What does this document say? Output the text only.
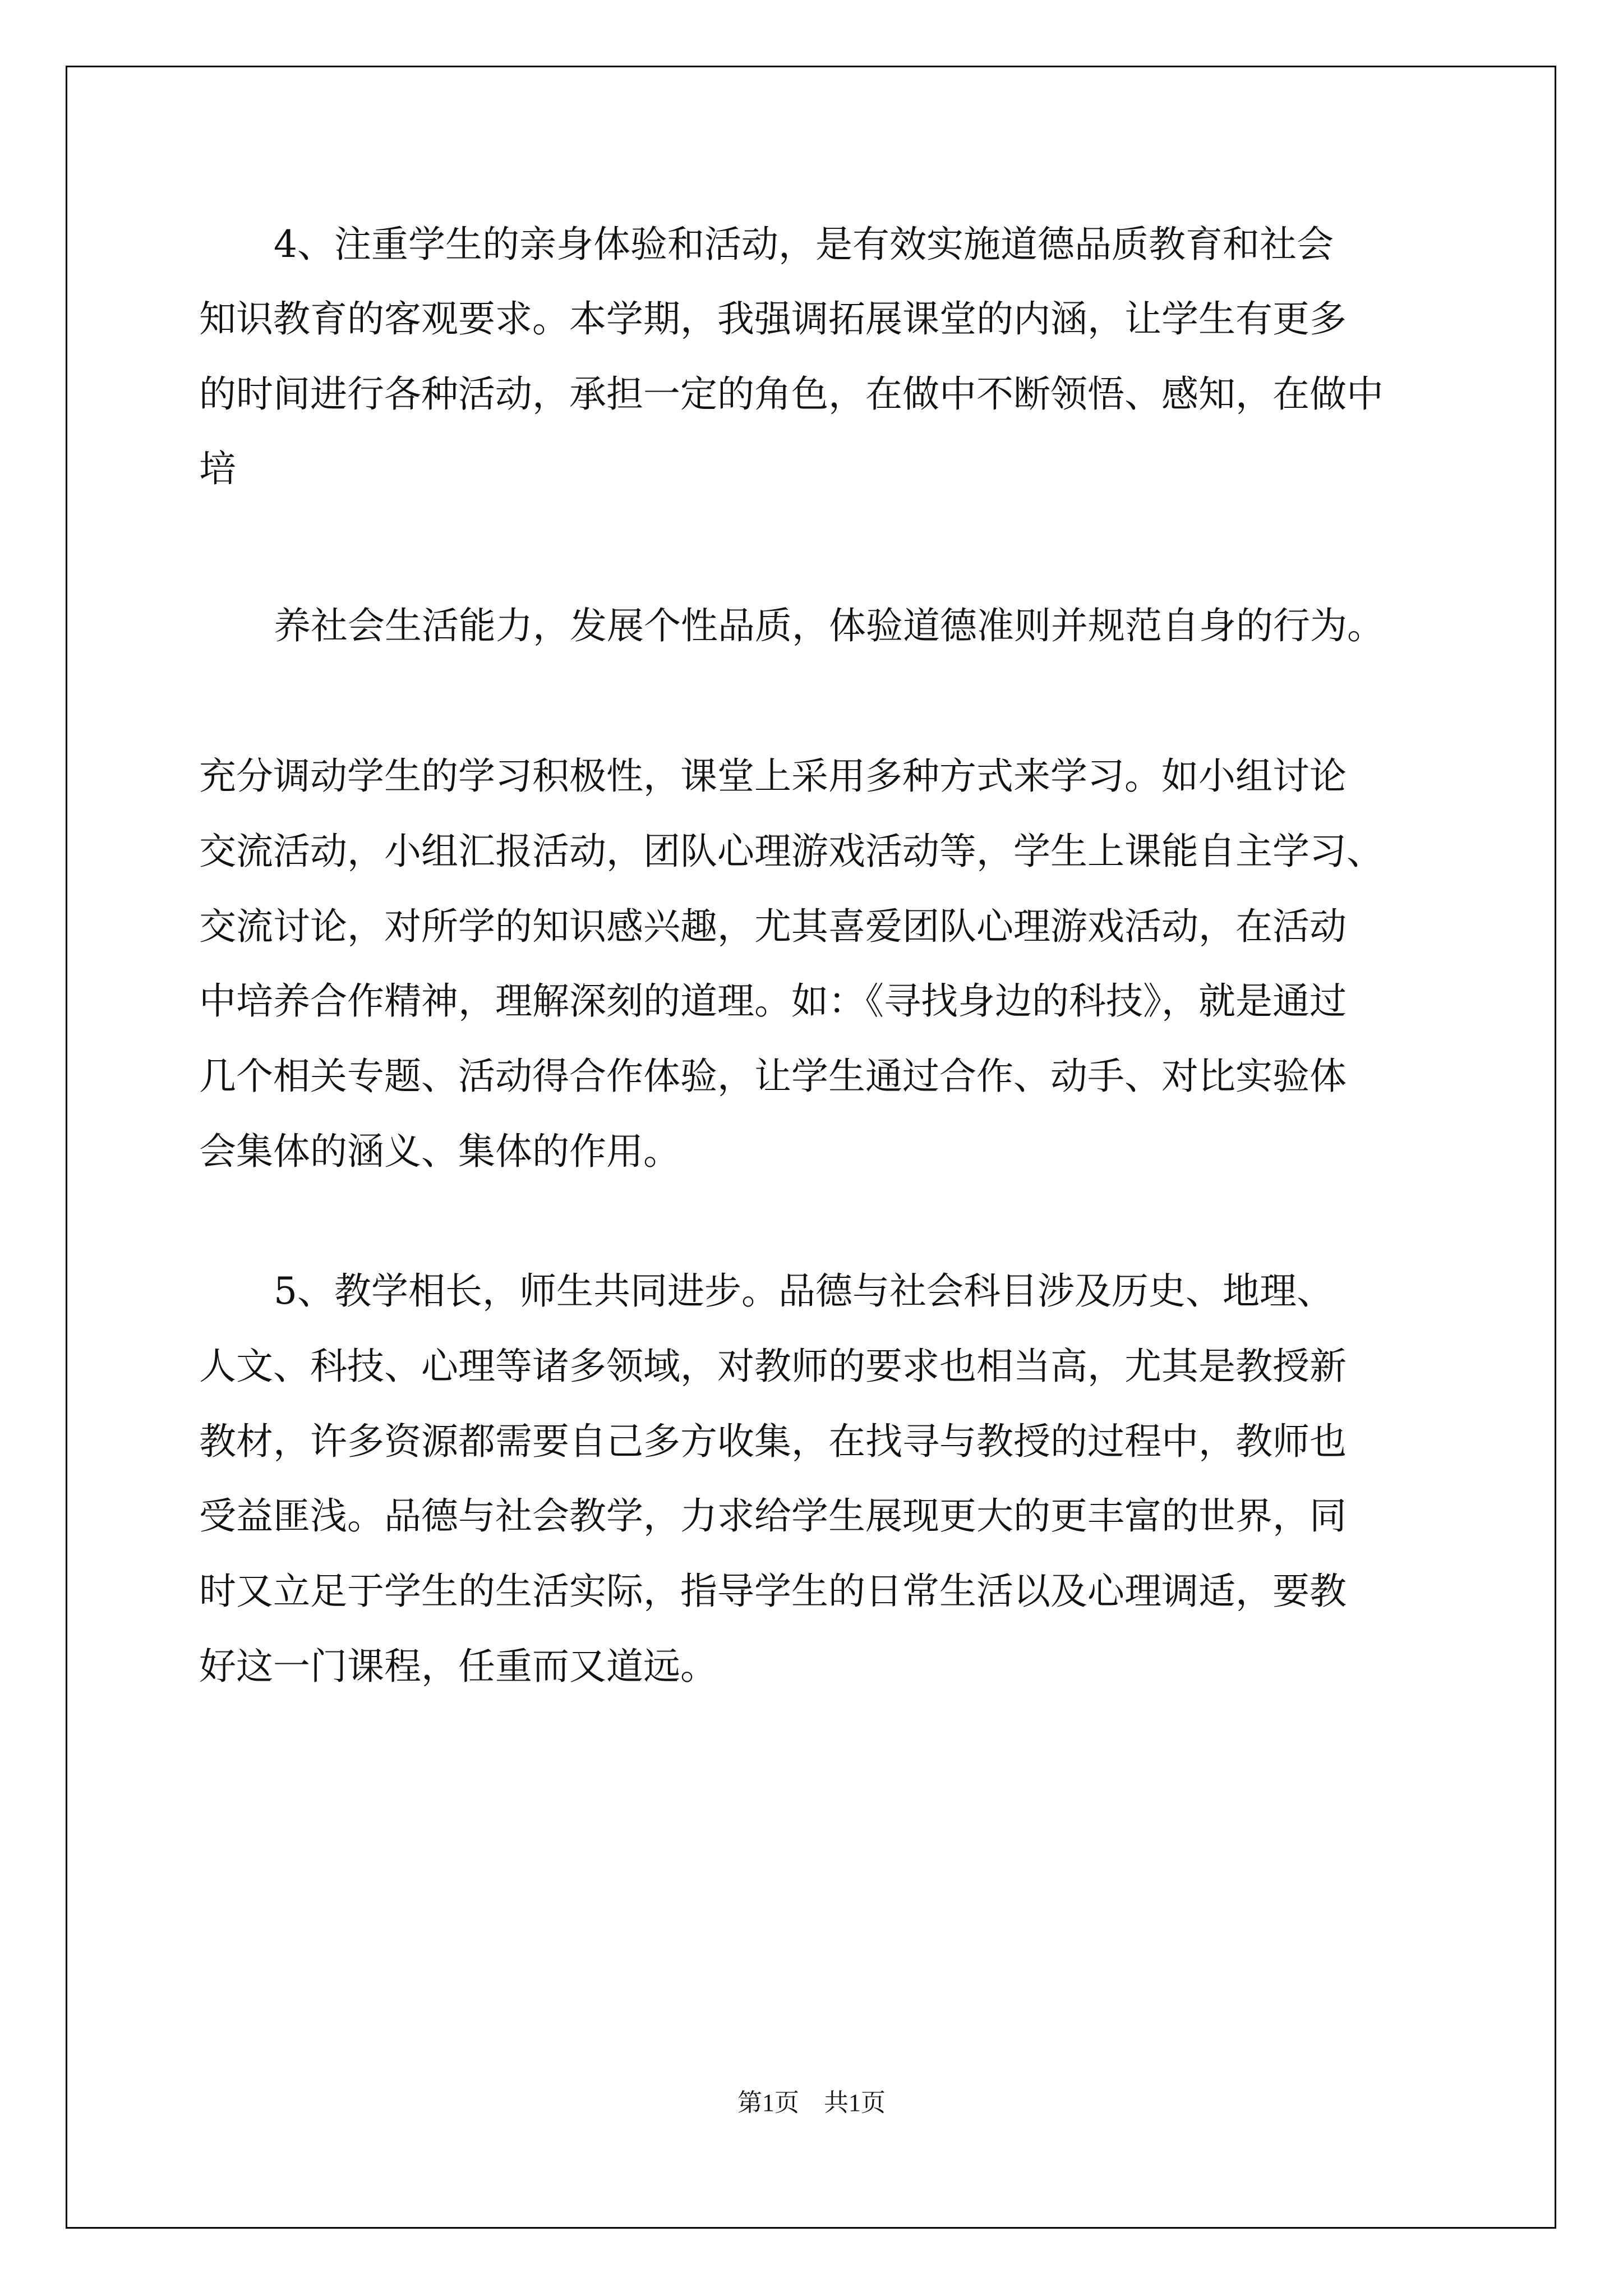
4、注重学生的亲身体验和活动，是有效实施道德品质教育和社会

知识教育的客观要求。本学期，我强调拓展课堂的内涵，让学生有更多

的时间进行各种活动，承担一定的角色，在做中不断领悟、感知，在做中

培

养社会生活能力，发展个性品质，体验道德准则并规范自身的行为。

充分调动学生的学习积极性，课堂上采用多种方式来学习。如小组讨论

交流活动，小组汇报活动，团队心理游戏活动等，学生上课能自主学习、

交流讨论，对所学的知识感兴趣，尤其喜爱团队心理游戏活动，在活动

中培养合作精神，理解深刻的道理。如：《寻找身边的科技》，就是通过

几个相关专题、活动得合作体验，让学生通过合作、动手、对比实验体

会集体的涵义、集体的作用。

5、教学相长，师生共同进步。品德与社会科目涉及历史、地理、

人文、科技、心理等诸多领域，对教师的要求也相当高，尤其是教授新

教材，许多资源都需要自己多方收集，在找寻与教授的过程中，教师也

受益匪浅。品德与社会教学，力求给学生展现更大的更丰富的世界，同

时又立足于学生的生活实际，指导学生的日常生活以及心理调适，要教

好这一门课程，任重而又道远。

第1页　共1页
